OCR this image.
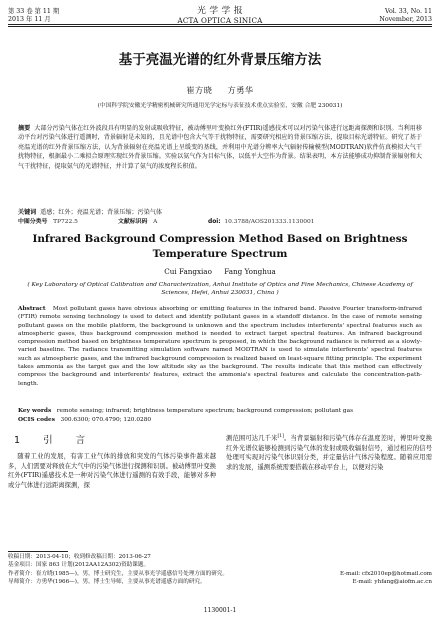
第 33 卷 第 11 期
2013 年 11 月
光 学 学 报
ACTA OPTICA SINICA
Vol. 33, No. 11
November, 2013
基于亮温光谱的红外背景压缩方法
崔方晓 方勇华
(中国科学院安徽光学精密机械研究所通用光学定标与表征技术重点实验室，安徽 合肥 230031)
摘要 大部分污染气体在红外波段具有明显的发射或吸收特征，被动傅里叶变换红外(FTIR)遥感技术可以对污染气体进行远距离探测和识别。当利用移动平台对污染气体进行遥测时，背景辐射是未知的，且光谱中包含大气等干扰物特征，需要研究相应的背景压缩方法，提取目标光谱特征。研究了基于亮温光谱的红外背景压缩方法，认为背景辐射在亮温光谱上呈缓变的基线，并利用中光谱分辨率大气辐射传输模型(MODTRAN)软件仿真模拟大气干扰物特征，根据最小二乘拟合原理实现红外背景压缩。实验以氨气作为目标气体，以低平大空作为背景。结果表明，本方法能够成功抑制背景辐射和大气干扰特征，提取氨气的光谱特征，并计算了氨气的浓度程长积值。
关键词 遥感；红外；亮温光谱；背景压缩；污染气体
中图分类号 TP722.5	文献标识码 A	doi: 10.3788/AOS201333.1130001
Infrared Background Compression Method Based on Brightness Temperature Spectrum
Cui Fangxiao Fang Yonghua
( Key Laboratory of Optical Calibration and Characterization, Anhui Institute of Optics and Fine Mechanics, Chinese Academy of Sciences, Hefei, Anhui 230031, China )
Abstract Most pollutant gases have obvious absorbing or emitting features in the infrared band. Passive Fourier transform-infrared (FTIR) remote sensing technology is used to detect and identify pollutant gases in a standoff distance. In the case of remote sensing pollutant gases on the mobile platform, the background is unknown and the spectrum includes interferents' spectral features such as atmospheric gases, thus background compression method is needed to extract target spectral features. An infrared background compression method based on brightness temperature spectrum is proposed, in which the background radiance is referred as a slowly-varied baseline. The radiance transmitting simulation software named MODTRAN is used to simulate interferents' spectral features such as atmospheric gases, and the infrared background compression is realized based on least-square fitting principle. The experiment takes ammonia as the target gas and the low altitude sky as the background. The results indicate that this method can effectively compress the background and interferents' features, extract the ammonia's spectral features and calculate the concentration-path-length.
Key words remote sensing; infrared; brightness temperature spectrum; background compression; pollutant gas
OCIS codes 300.6300; 070.4790; 120.0280
1 引 言

随着工业的发展，有害工业气体的排放和突发的气体污染事件越来越多，人们需要对释放在大气中的污染气体进行探测和识别。被动傅里叶变换红外(FTIR)遥感技术是一种对污染气体进行遥测的有效手段，能够对多种或分气体进行远距离探测，探

测范围可达几千米[1]。当背景辐射和污染气体存在温度差时，傅里叶变换红外光谱仪能够检测到污染气体的发射或吸收辐射信号，通过相应的信号处理可实现对污染气体识别分类，并定量估计气体污染程度。随着应用需求的发展，遥测系统需要搭载在移动平台上，以便对污染

收稿日期：2013-04-10；收到修改稿日期：2013-06-27
基金项目：国家 863 计划(2012AA12A302)资助课题。
作者简介：崔方晓(1985—)，男，博士研究生，主要从事光学遥感信号处理方面的研究。	E-mail: cfx2010ep@hotmail.com
导师简介：方勇华(1966—)，男，博士生导师，主要从事光谱遥感方面的研究。	E-mail: yhfang@aiofm.ac.cn
1130001-1
